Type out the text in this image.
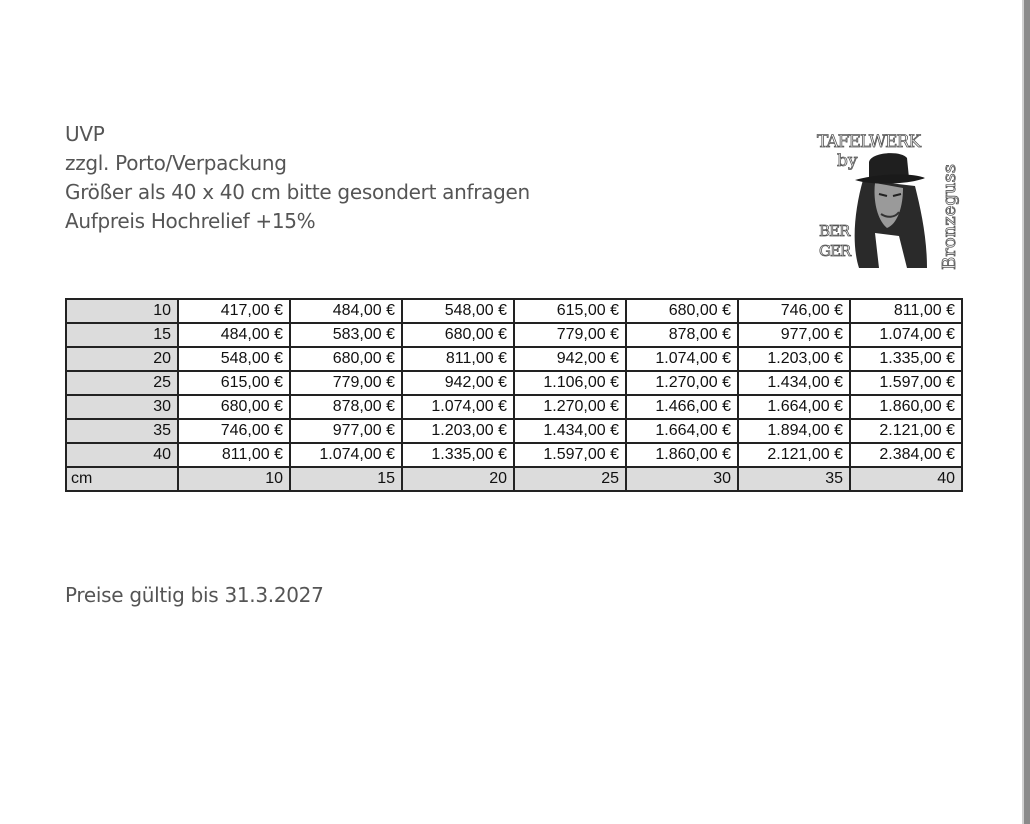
UVP
zzgl. Porto/Verpackung
Größer als 40 x 40 cm bitte gesondert anfragen
Aufpreis Hochrelief +15%
TAFELWERK
by
BER
GER	Bronzeguss
10	417,00 €	484,00 €	548,00 €	615,00 €	680,00 €	746,00 €	811,00 €
15	484,00 €	583,00 €	680,00 €	779,00 €	878,00 €	977,00 €	1.074,00 €
20	548,00 €	680,00 €	811,00 €	942,00 €	1.074,00 €	1.203,00 €	1.335,00 €
25	615,00 €	779,00 €	942,00 €	1.106,00 €	1.270,00 €	1.434,00 €	1.597,00 €
30	680,00 €	878,00 €	1.074,00 €	1.270,00 €	1.466,00 €	1.664,00 €	1.860,00 €
35	746,00 €	977,00 €	1.203,00 €	1.434,00 €	1.664,00 €	1.894,00 €	2.121,00 €
40	811,00 €	1.074,00 €	1.335,00 €	1.597,00 €	1.860,00 €	2.121,00 €	2.384,00 €
cm	10	15	20	25	30	35	40
Preise gültig bis 31.3.2027
